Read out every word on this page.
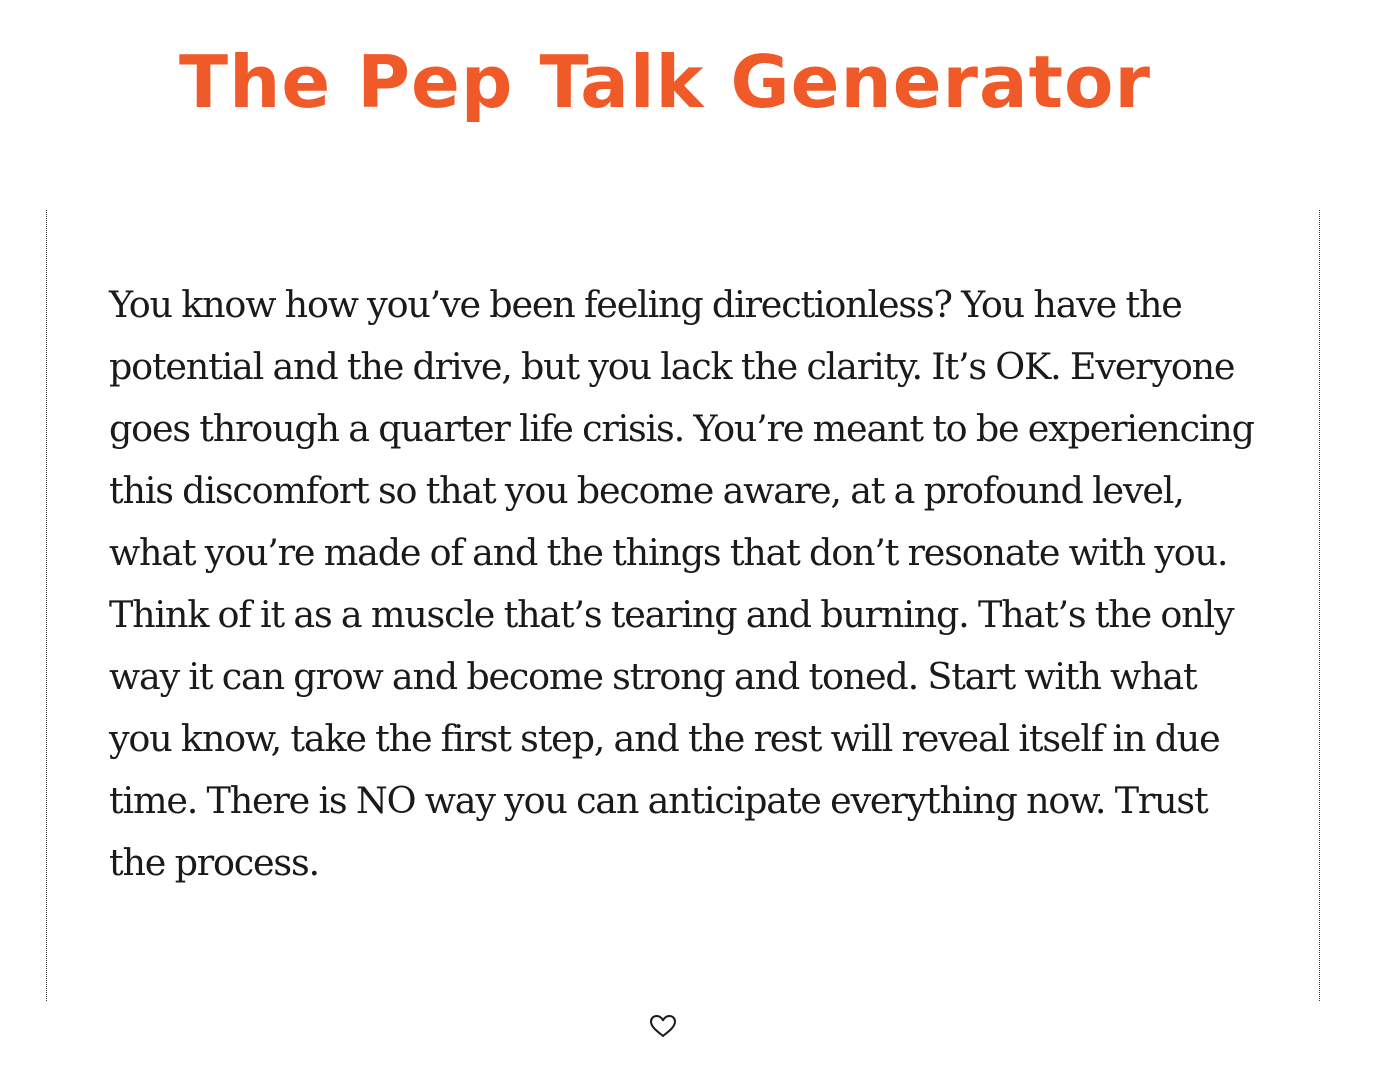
The Pep Talk Generator

You know how you’ve been feeling directionless? You have the potential and the drive, but you lack the clarity. It’s OK. Everyone goes through a quarter life crisis. You’re meant to be experiencing this discomfort so that you become aware, at a profound level, what you’re made of and the things that don’t resonate with you. Think of it as a muscle that’s tearing and burning. That’s the only way it can grow and become strong and toned. Start with what you know, take the first step, and the rest will reveal itself in due time. There is NO way you can anticipate everything now. Trust the process.
